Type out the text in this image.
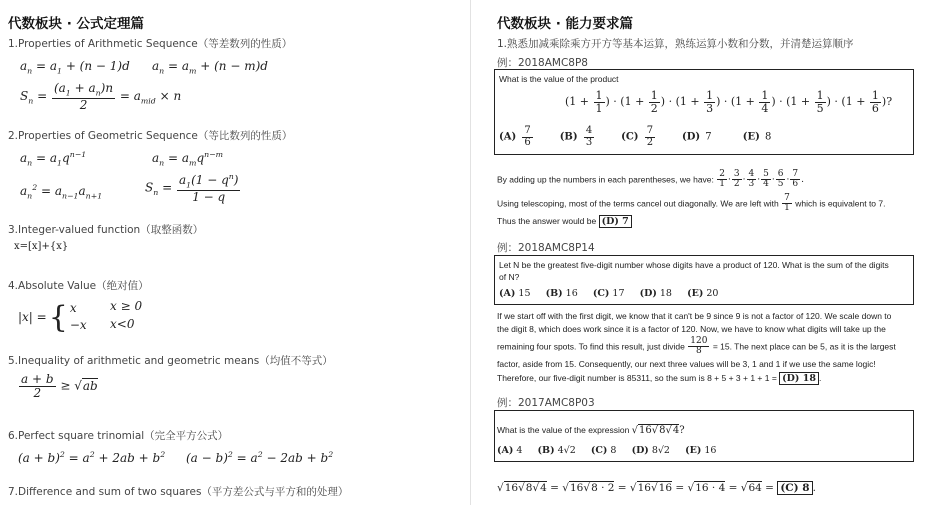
代数板块 · 公式定理篇
1.Properties of Arithmetic Sequence（等差数列的性质）
$a_n = a_1 + (n - 1)d$ $a_n = a_m + (n - m)d$
$S_n = \frac{(a_1 + a_n)n}{2} = a_{mid} \times n$
2.Properties of Geometric Sequence（等比数列的性质）
$a_n = a_1q^{n-1}$	$a_n = a_mq^{n-m}$
$a_n^2 = a_{n-1}a_{n+1}$
$S_n = \frac{a_1(1 - q^n)}{1 - q}$
3.Integer-valued function（取整函数）
x=[x]+{x}
4.Absolute Value（绝对值）
|x| = { x
−x
x ≥ 0
x<0
5.Inequality of arithmetic and geometric means（均值不等式）
$\frac{a + b}{2} \ge √ab$
6.Perfect square trinomial（完全平方公式）
$(a + b)^2 = a^2 + 2ab + b^2$ $(a - b)^2 = a^2 - 2ab + b^2$
7.Difference and sum of two squares（平方差公式与平方和的处理）
代数板块 · 能力要求篇
1.熟悉加减乘除乘方开方等基本运算，熟练运算小数和分数，并清楚运算顺序
例：2018AMC8P8
What is the value of the product
($1 + \frac{1}{1}$ ) · ($1 + \frac{1}{2}$ ) · ($1 + \frac{1}{3}$ ) · ($1 + \frac{1}{4}$ ) · ($1 + \frac{1}{5}$ ) · ($1 + \frac{1}{6}$ )?
$(A) \frac{7}{6}$	$(B) \frac{4}{3}$	$(C) \frac{7}{2}$	(D) 7      (E) 8
By adding up the numbers in each parentheses, we have: $\frac{2}{1} \cdot \frac{3}{2} \cdot \frac{4}{3} \cdot \frac{5}{4} \cdot \frac{6}{5} \cdot \frac{7}{6}$ .
Using telescoping, most of the terms cancel out diagonally. We are left with $\frac{7}{1}$ which is equivalent to 7.
Thus the answer would be (D) 7
例：2018AMC8P14
Let N be the greatest five-digit number whose digits have a product of 120. What is the sum of the digits
of N?
(A) 15     (B) 16     (C) 17     (D) 18     (E) 20
If we start off with the first digit, we know that it can't be 9 since 9 is not a factor of 120. We scale down to
the digit 8, which does work since it is a factor of 120. Now, we have to know what digits will take up the
remaining four spots. To find this result, just divide $\frac{120}{8} = 15$. The next place can be 5, as it is the largest
factor, aside from 15. Consequently, our next three values will be 3, 1 and 1 if we use the same logic!
Therefore, our five-digit number is 85311, so the sum is 8 + 5 + 3 + 1 + 1 = (D) 18 .
例：2017AMC8P03
What is the value of the expression √16√8√4?
(A) 4     (B) 4√2     (C) 8     (D) 8√2     (E) 16
√16√8√4 = √16√8 · 2 = √16√16 = √16 · 4 = √64 = (C) 8 .
